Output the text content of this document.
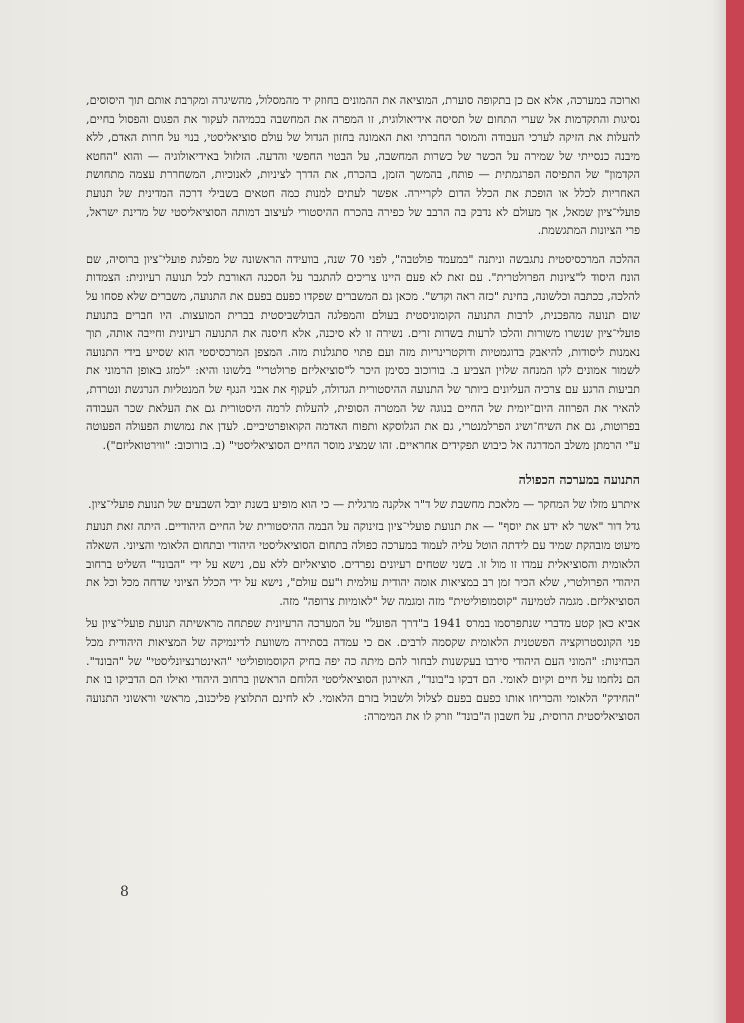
וארוכה במערכה, אלא אם כן בתקופה סוערת, המוציאה את ההמונים בחוזק יד מהמסלול, מהשיגרה ומקרבת אותם תוך היסוסים, נסיגות והתקדמות אל שערי התחום של תסיסה אידיאולוגית, זו המפרה את המחשבה בכמיהה לעקור את הפגום והפסול בחיים, להעלות את הזיקה לערכי העבודה והמוסר החברתי ואת האמונה בחזון הגדול של עולם סוציאליסטי, בנוי על חרות האדם, ללא מיבנה כנסייתי של שמירה על הכשר של כשרות המחשבה, על הבטוי החפשי והדעה. הזלזול באידיאולוגיה — והוא "החטא הקדמון" של התפיסה הפרגמתית — פותח, בהמשך הזמן, בהכרח, את הדרך לציניות, לאנוכיות, המשחררת עצמה מתחושת האחריות לכלל או הופכת את הכלל הדום לקריירה. אפשר לעתים למנות כמה חטאים בשבילי דרכה המדינית של תנועת פועלי־ציון שמאל, אך מעולם לא נדבק בה הרבב של כפירה בהכרח ההיסטורי לעיצוב דמותה הסוציאליסטי של מדינת ישראל, פרי הציונות המתגשמת.

ההלכה המרכסיסטית נתגבשה וניתנה "במעמד פולטבה", לפני 70 שנה, בוועידה הראשונה של מפלגת פועלי־ציון ברוסיה, שם הונח היסוד ל"ציונות הפרולטרית". עם זאת לא פעם היינו צריכים להתגבר על הסכנה האורבת לכל תנועה רעיונית: הצמדות להלכה, ככתבה וכלשונה, בחינת "כזה ראה וקדש". מכאן גם המשברים שפקדו כפעם בפעם את התנועה, משברים שלא פסחו על שום תנועה מהפכנית, לרבות התנועה הקומוניסטית בעולם והמפלגה הבולשביסטית בברית המועצות. היו חברים בתנועת פועלי־ציון שנשרו משורות והלכו לרעות בשדות זרים. נשירה זו לא סיכנה, אלא חיסנה את התנועה רעיונית וחייבה אותה, תוך נאמנות ליסודות, להיאבק בדוגמטיות ודוקטרינריות מזה ועם פתוי סתגלנות מזה. המצפן המרכסיסטי הוא שסייע בידי התנועה לשמור אמונים לקו המנחה שלוין הצביע ב. בורוכוב כסימן היכר ל"סוציאליזם פרולטרי" בלשונו והיא: "למזג באופן הרמוני את תביעות הרגע עם צרכיה העליונים ביותר של התנועה ההיסטורית הגדולה, לעקוף את אבני הנגף של המנטליות הנרגשת ונטרדת, להאיר את הפרוזה היום־יומית של החיים בנוגה של המטרה הסופית, להעלות לרמה היסטורית גם את העלאת שכר העבודה בפרוטות, גם את השיח־ושיג הפרלמנטרי, גם את הגלוסקא ותפוח האדמה הקואופרטיביים. לעדן את נמושות הפעולה הפעוטה ע"י הרמתן משלב המדרגה אל כיבוש תפקידים אחראיים. זהו שמציג מוסר החיים הסוציאליסטי" (ב. בורוכוב: "ווירטואליזם").

התנועה במערכה הכפולה

איתרע מזלו של המחקר — מלאכת מחשבת של ד"ר אלקנה מרגלית — כי הוא מופיע בשנת יובל השבעים של תנועת פועלי־ציון.

גדל דור "אשר לא ידע את יוסף" — את תנועת פועלי־ציון בזינוקה על הבמה ההיסטורית של החיים היהודיים. היתה זאת תנועת מיעוט מובהקת שמיד עם לידתה הוטל עליה לעמוד במערכה כפולה בתחום הסוציאליסטי היהודי ובתחום הלאומי והציוני. השאלה הלאומית והסוציאלית עמדו זו מול זו. בשני שטחים רעיונים נפרדים. סוציאליזם ללא עם, נישא על ידי "הבונד" השליט ברחוב היהודי הפרולטרי, שלא הכיר זמן רב במציאות אומה יהודית עולמית ו"עם עולם", נישא על ידי הכלל הציוני שדחה מכל וכל את הסוציאליזם. מגמה לטמיעה "קוסמופוליטית" מזה ומגמה של "לאומיות צרופה" מזה.

אביא כאן קטע מדברי שנתפרסמו במרס 1941 ב"דרך הפועל" על המערכה הרעיונית שפתחה מראשיתה תנועת פועלי־ציון על פני הקונסטרוקציה הפשטנית הלאומית שקסמה לרבים. אם כי עמדה בסתירה משוועת לדינמיקה של המציאות היהודית מכל הבחינות: "המוני העם היהודי סירבו בעקשנות לבחור להם מיתה כה יפה בחיק הקוסמופוליטי "האינטרנציונליסטי" של "הבונד". הם נלחמו על חיים וקיום לאומי. הם דבקו ב"בונד", האירגון הסוציאליסטי הלוחם הראשון ברחוב היהודי ואילו הם הדביקו בו את "החידק" הלאומי והכריחו אותו כפעם בפעם לצלול ולשבול בזרם הלאומי. לא לחינם התלוצץ פליכנוב, מראשי וראשוני התנועה הסוציאליסטית הרוסית, על חשבון ה"בונד" וזרק לו את המימרה:

8
